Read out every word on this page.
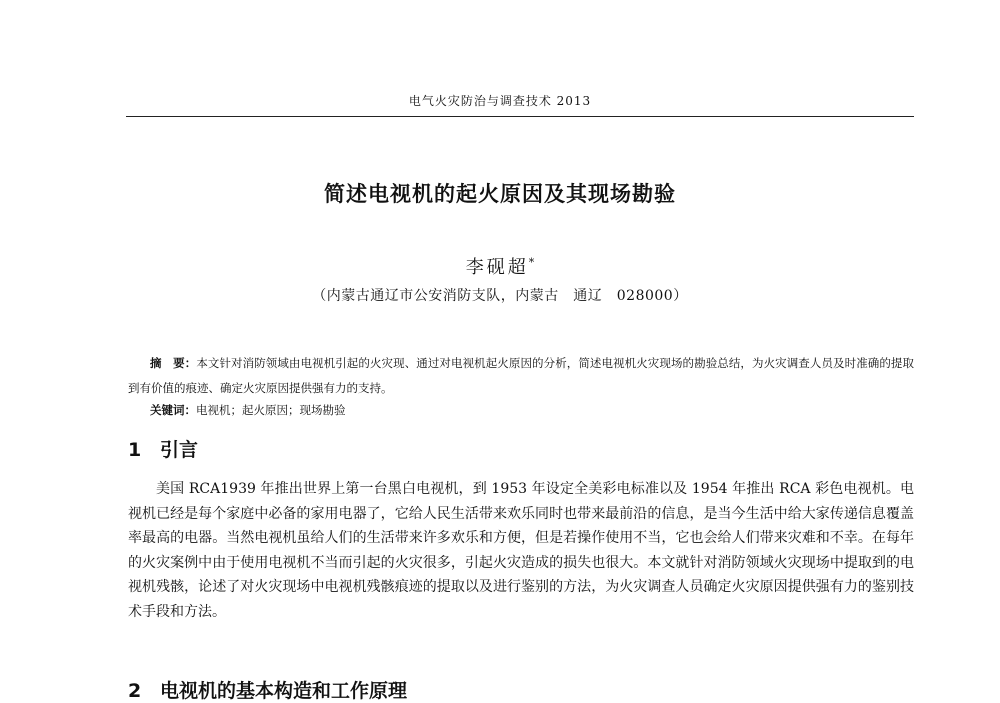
电气火灾防治与调查技术 2013
简述电视机的起火原因及其现场勘验
李砚超*
（内蒙古通辽市公安消防支队，内蒙古　通辽　028000）
摘　要：本文针对消防领域由电视机引起的火灾现、通过对电视机起火原因的分析，简述电视机火灾现场的勘验总结，为火灾调查人员及时准确的提取到有价值的痕迹、确定火灾原因提供强有力的支持。
关键词：电视机；起火原因；现场勘验
1 引言
美国 RCA1939 年推出世界上第一台黑白电视机，到 1953 年设定全美彩电标准以及 1954 年推出 RCA 彩色电视机。电视机已经是每个家庭中必备的家用电器了，它给人民生活带来欢乐同时也带来最前沿的信息，是当今生活中给大家传递信息覆盖率最高的电器。当然电视机虽给人们的生活带来许多欢乐和方便，但是若操作使用不当，它也会给人们带来灾难和不幸。在每年的火灾案例中由于使用电视机不当而引起的火灾很多，引起火灾造成的损失也很大。本文就针对消防领域火灾现场中提取到的电视机残骸，论述了对火灾现场中电视机残骸痕迹的提取以及进行鉴别的方法，为火灾调查人员确定火灾原因提供强有力的鉴别技术手段和方法。
2 电视机的基本构造和工作原理
